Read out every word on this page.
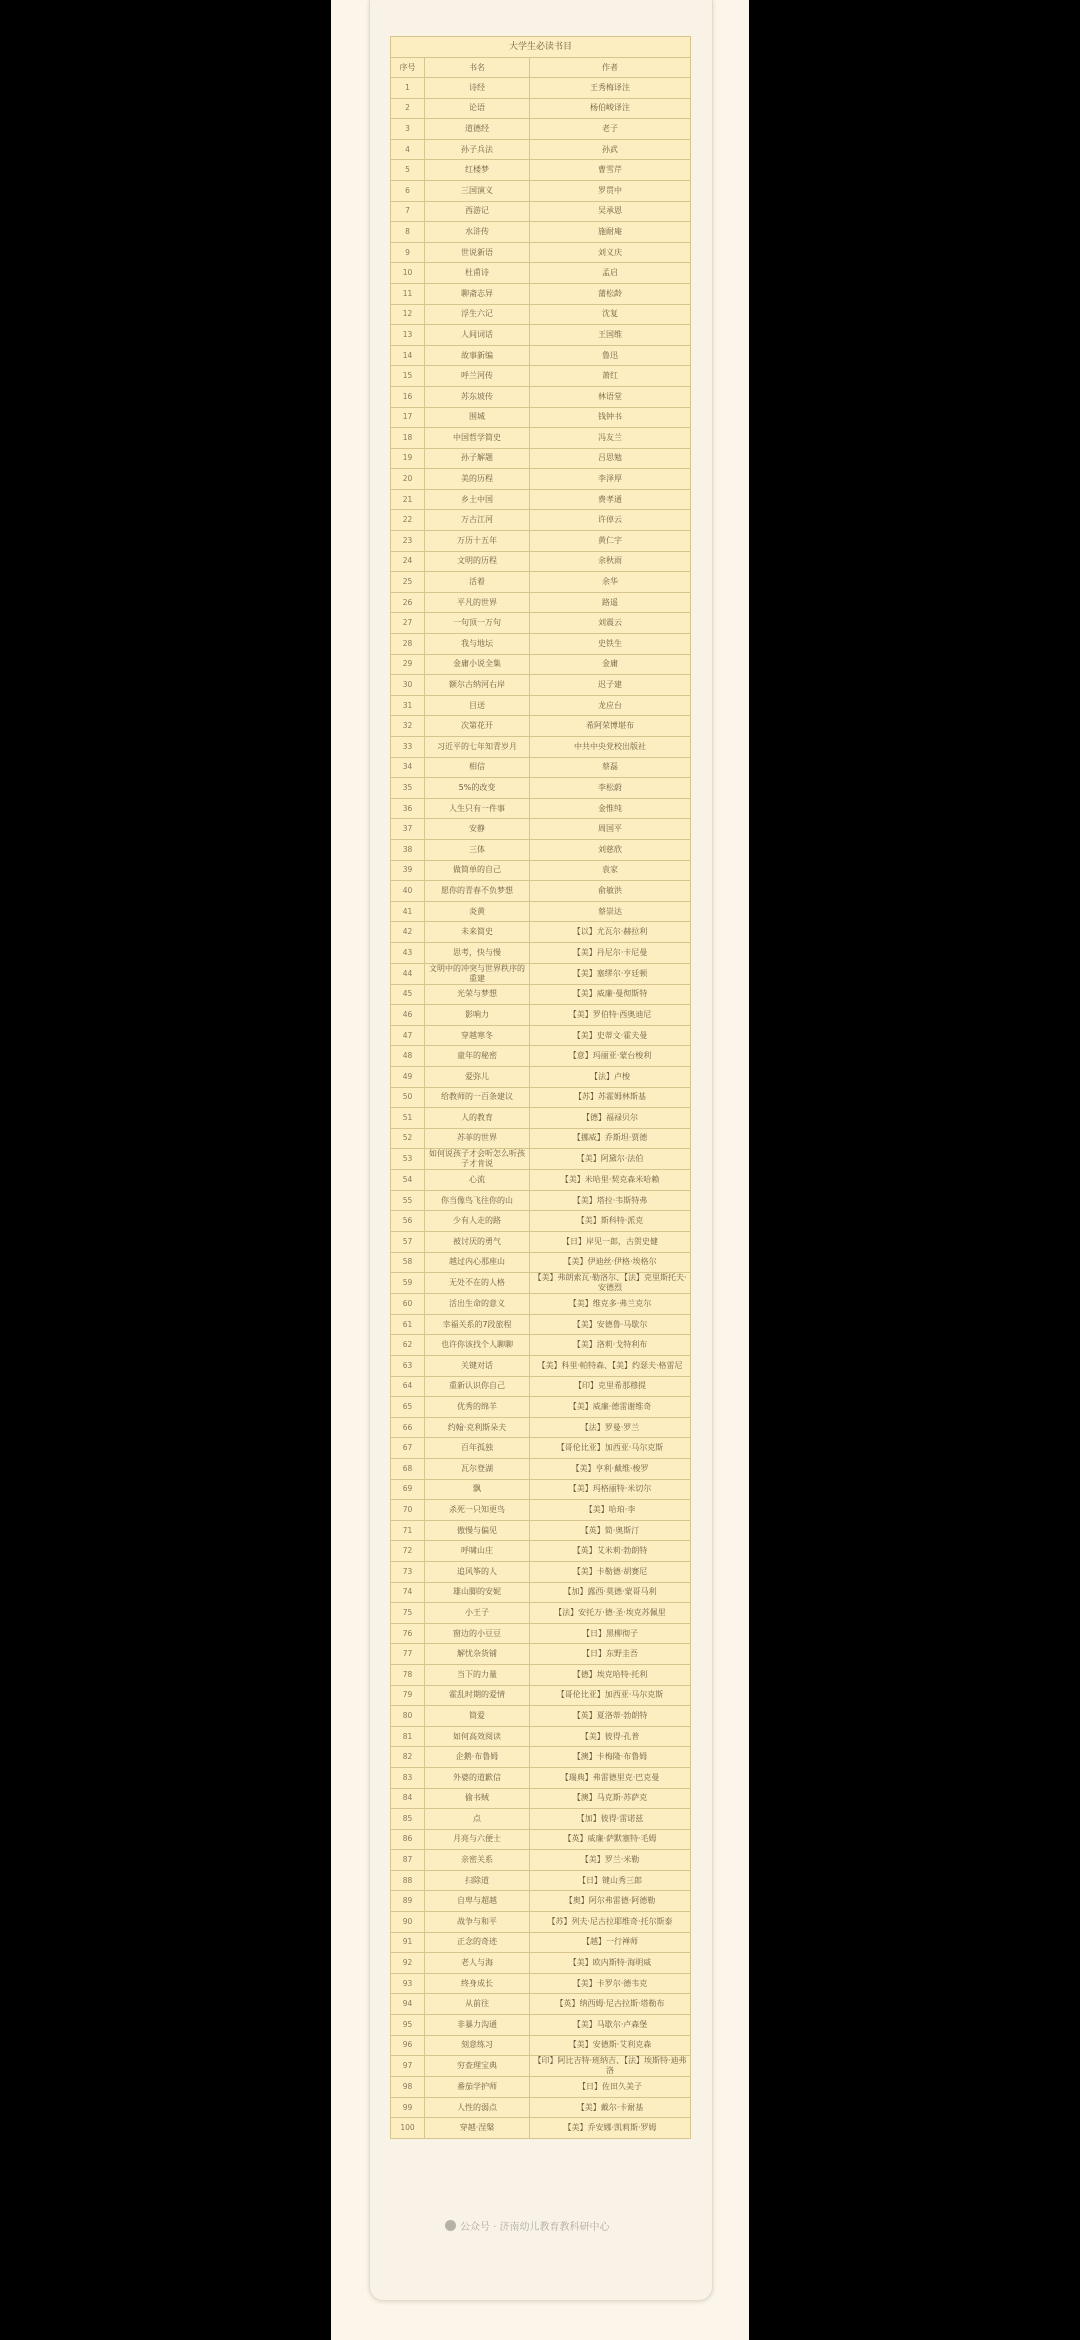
大学生必读书目
序号	书名	作者
1	诗经	王秀梅译注
2	论语	杨伯峻译注
3	道德经	老子
4	孙子兵法	孙武
5	红楼梦	曹雪芹
6	三国演义	罗贯中
7	西游记	吴承恩
8	水浒传	施耐庵
9	世说新语	刘义庆
10	杜甫诗	孟启
11	聊斋志异	蒲松龄
12	浮生六记	沈复
13	人间词话	王国维
14	故事新编	鲁迅
15	呼兰河传	萧红
16	苏东坡传	林语堂
17	围城	钱钟书
18	中国哲学简史	冯友兰
19	孙子解题	吕思勉
20	美的历程	李泽厚
21	乡土中国	费孝通
22	万古江河	许倬云
23	万历十五年	黄仁宇
24	文明的历程	余秋雨
25	活着	余华
26	平凡的世界	路遥
27	一句顶一万句	刘震云
28	我与地坛	史铁生
29	金庸小说全集	金庸
30	额尔古纳河右岸	迟子建
31	目送	龙应台
32	次第花开	希阿荣博堪布
33	习近平的七年知青岁月	中共中央党校出版社
34	相信	蔡磊
35	5%的改变	李松蔚
36	人生只有一件事	金惟纯
37	安静	周国平
38	三体	刘慈欣
39	做简单的自己	袁家
40	愿你的青春不负梦想	俞敏洪
41	炎黄	蔡崇达
42	未来简史	【以】尤瓦尔·赫拉利
43	思考，快与慢	【美】丹尼尔·卡尼曼
44	文明中的冲突与世界秩序的重建	【美】塞缪尔·亨廷顿
45	光荣与梦想	【美】威廉·曼彻斯特
46	影响力	【美】罗伯特·西奥迪尼
47	穿越寒冬	【美】史蒂文·霍夫曼
48	童年的秘密	【意】玛丽亚·蒙台梭利
49	爱弥儿	【法】卢梭
50	给教师的一百条建议	【苏】苏霍姆林斯基
51	人的教育	【德】福禄贝尔
52	苏菲的世界	【挪威】乔斯坦·贾德
53	如何说孩子才会听怎么听孩子才肯说	【美】阿黛尔·法伯
54	心流	【美】米哈里·契克森米哈赖
55	你当像鸟飞往你的山	【美】塔拉·韦斯特弗
56	少有人走的路	【美】斯科特·派克
57	被讨厌的勇气	【日】岸见一郎，古贺史健
58	越过内心那座山	【美】伊迪丝·伊格·埃格尔
59	无处不在的人格	【美】弗朗索瓦·勒洛尔、【法】克里斯托夫·安德烈
60	活出生命的意义	【美】维克多·弗兰克尔
61	幸福关系的7段旅程	【美】安德鲁·马歇尔
62	也许你该找个人聊聊	【美】洛莉·戈特利布
63	关键对话	【美】科里·帕特森、【美】约瑟夫·格雷尼
64	重新认识你自己	【印】克里希那穆提
65	优秀的绵羊	【美】威廉·德雷谢维奇
66	约翰·克利斯朵夫	【法】罗曼·罗兰
67	百年孤独	【哥伦比亚】加西亚·马尔克斯
68	瓦尔登湖	【美】亨利·戴维·梭罗
69	飘	【美】玛格丽特·米切尔
70	杀死一只知更鸟	【美】哈珀·李
71	傲慢与偏见	【英】简·奥斯汀
72	呼啸山庄	【英】艾米莉·勃朗特
73	追风筝的人	【美】卡勒德·胡赛尼
74	雄山脚的安妮	【加】露西·莫德·蒙哥马利
75	小王子	【法】安托万·德·圣·埃克苏佩里
76	窗边的小豆豆	【日】黑柳彻子
77	解忧杂货铺	【日】东野圭吾
78	当下的力量	【德】埃克哈特·托利
79	霍乱时期的爱情	【哥伦比亚】加西亚·马尔克斯
80	简爱	【英】夏洛蒂·勃朗特
81	如何高效阅读	【美】彼得·孔普
82	企鹅·布鲁姆	【澳】卡梅隆·布鲁姆
83	外婆的道歉信	【瑞典】弗雷德里克·巴克曼
84	偷书贼	【澳】马克斯·苏萨克
85	点	【加】彼得·雷诺兹
86	月亮与六便士	【英】威廉·萨默塞特·毛姆
87	亲密关系	【美】罗兰·米勒
88	扫除道	【日】键山秀三郎
89	自卑与超越	【奥】阿尔弗雷德·阿德勒
90	战争与和平	【苏】列夫·尼古拉耶维奇·托尔斯泰
91	正念的奇迹	【越】一行禅师
92	老人与海	【美】欧内斯特·海明威
93	终身成长	【美】卡罗尔·德韦克
94	从前往	【英】纳西姆·尼古拉斯·塔勒布
95	非暴力沟通	【美】马歇尔·卢森堡
96	刻意练习	【美】安德斯·艾利克森
97	穷查理宝典	【印】阿比吉特·班纳吉、【法】埃斯特·迪弗洛
98	番茄学护师	【日】佐田久美子
99	人性的弱点	【美】戴尔·卡耐基
100	穿越·涅槃	【美】乔安娜·凯莉斯·罗姆
公众号 · 济南幼儿教育教科研中心
